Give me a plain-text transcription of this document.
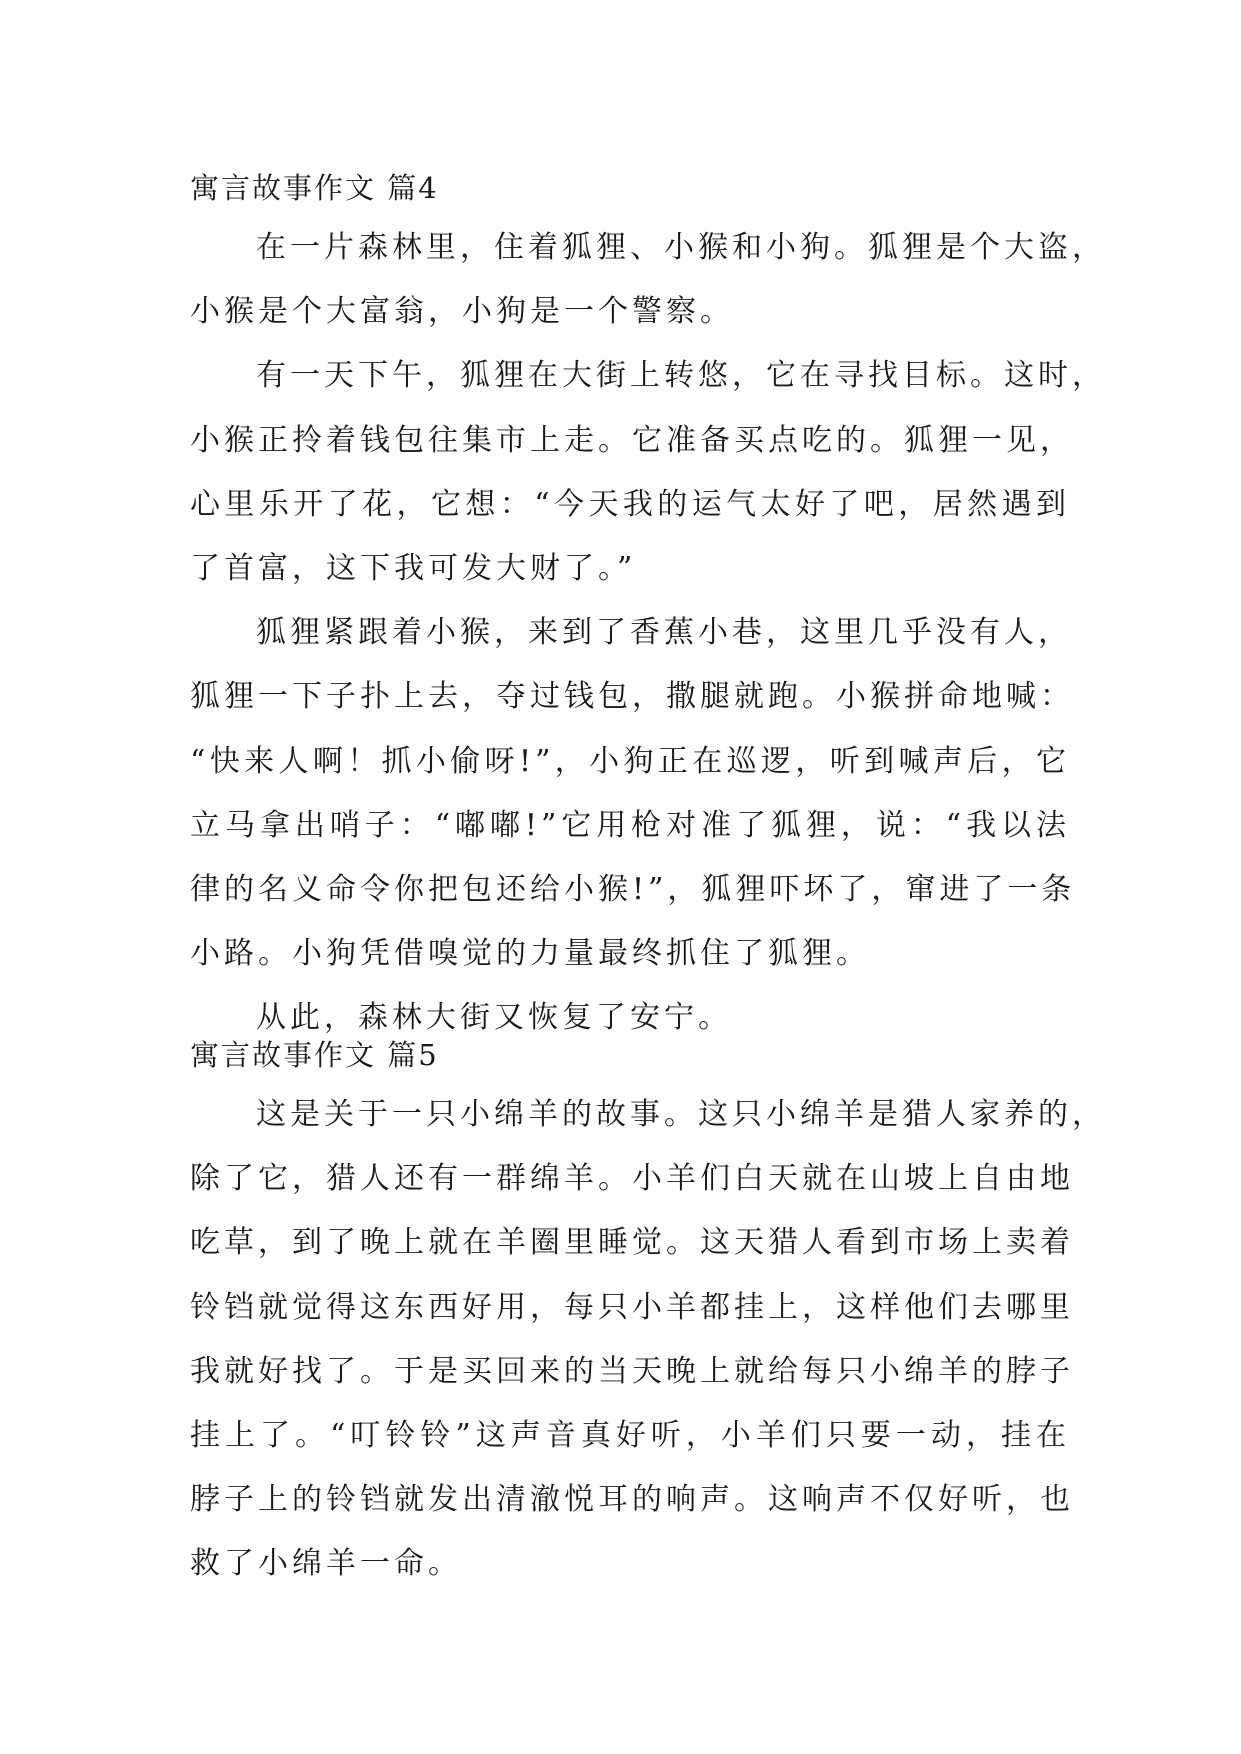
寓言故事作文 篇4

在一片森林里，住着狐狸、小猴和小狗。狐狸是个大盗，
小猴是个大富翁，小狗是一个警察。

有一天下午，狐狸在大街上转悠，它在寻找目标。这时，
小猴正拎着钱包往集市上走。它准备买点吃的。狐狸一见，
心里乐开了花，它想：“今天我的运气太好了吧，居然遇到
了首富，这下我可发大财了。”

狐狸紧跟着小猴，来到了香蕉小巷，这里几乎没有人，
狐狸一下子扑上去，夺过钱包，撒腿就跑。小猴拼命地喊：
“快来人啊！抓小偷呀!”，小狗正在巡逻，听到喊声后，它
立马拿出哨子：“嘟嘟!”它用枪对准了狐狸，说：“我以法
律的名义命令你把包还给小猴!”，狐狸吓坏了，窜进了一条
小路。小狗凭借嗅觉的力量最终抓住了狐狸。

从此，森林大街又恢复了安宁。

寓言故事作文 篇5

这是关于一只小绵羊的故事。这只小绵羊是猎人家养的，
除了它，猎人还有一群绵羊。小羊们白天就在山坡上自由地
吃草，到了晚上就在羊圈里睡觉。这天猎人看到市场上卖着
铃铛就觉得这东西好用，每只小羊都挂上，这样他们去哪里
我就好找了。于是买回来的当天晚上就给每只小绵羊的脖子
挂上了。“叮铃铃”这声音真好听，小羊们只要一动，挂在
脖子上的铃铛就发出清澈悦耳的响声。这响声不仅好听，也
救了小绵羊一命。
